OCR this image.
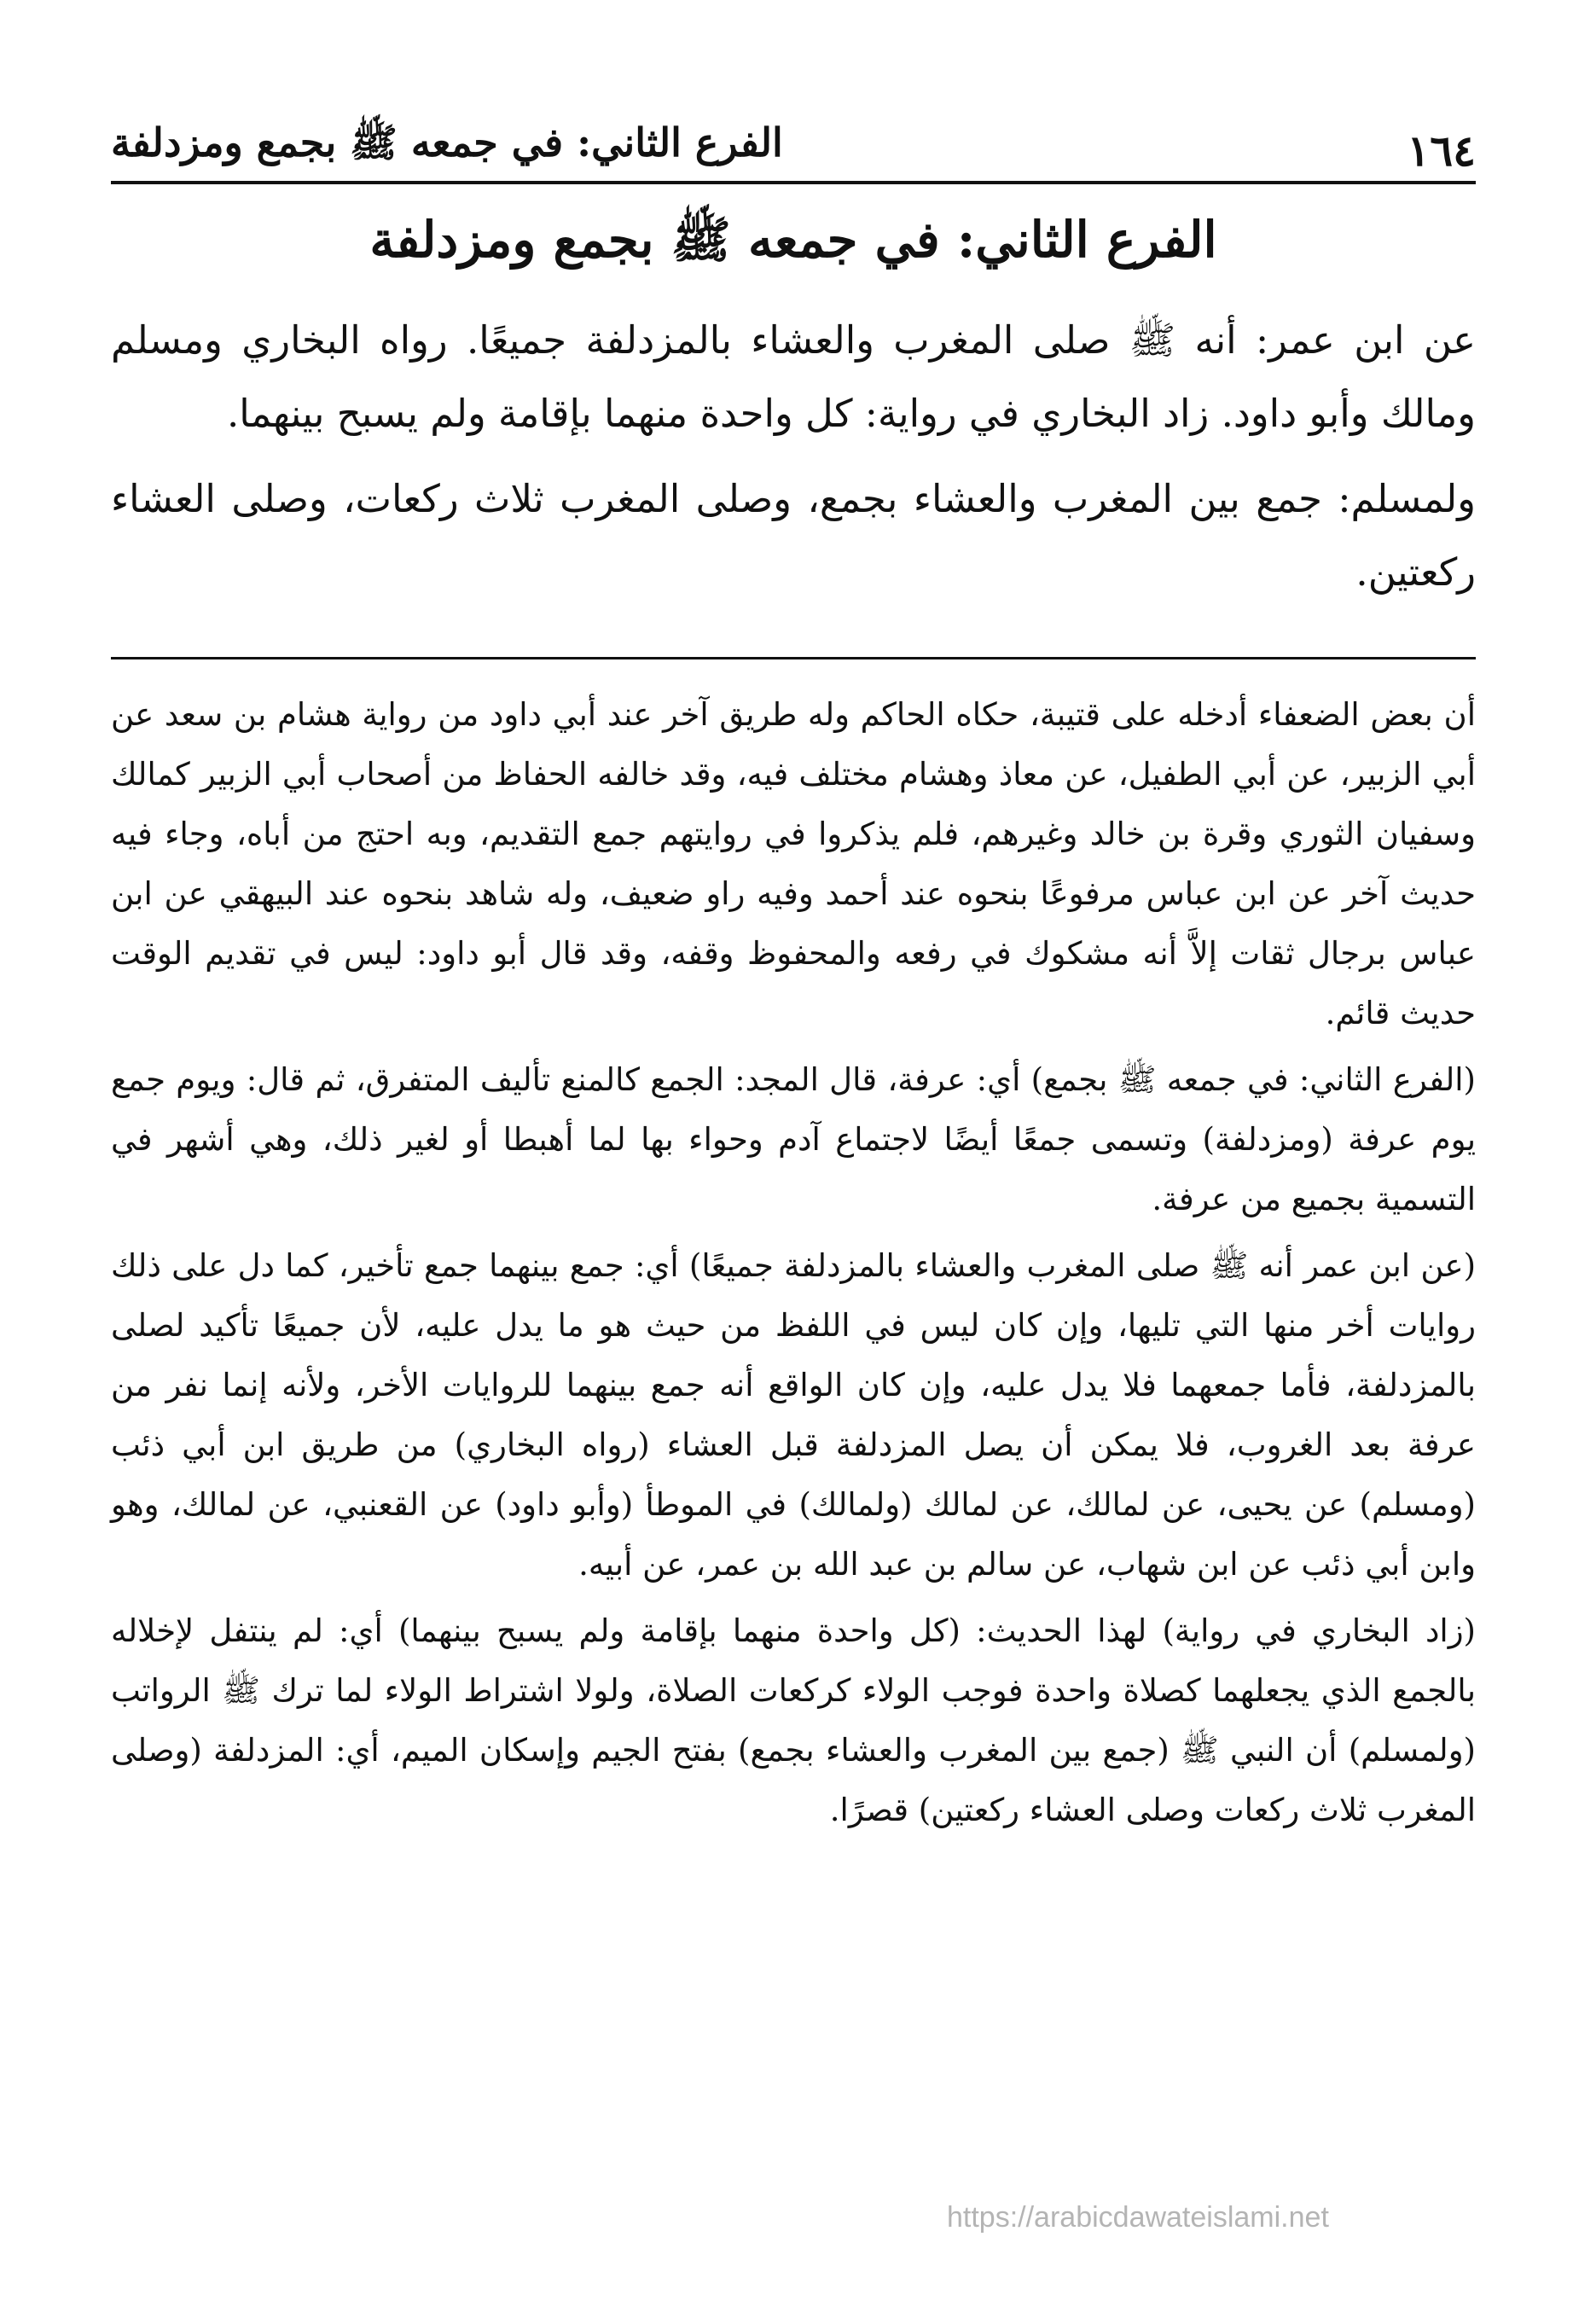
١٦٤
الفرع الثاني: في جمعه ﷺ بجمع ومزدلفة
الفرع الثاني: في جمعه ﷺ بجمع ومزدلفة

عن ابن عمر: أنه ﷺ صلى المغرب والعشاء بالمزدلفة جميعًا. رواه البخاري ومسلم ومالك وأبو داود. زاد البخاري في رواية: كل واحدة منهما بإقامة ولم يسبح بينهما.

ولمسلم: جمع بين المغرب والعشاء بجمع، وصلى المغرب ثلاث ركعات، وصلى العشاء ركعتين.

أن بعض الضعفاء أدخله على قتيبة، حكاه الحاكم وله طريق آخر عند أبي داود من رواية هشام بن سعد عن أبي الزبير، عن أبي الطفيل، عن معاذ وهشام مختلف فيه، وقد خالفه الحفاظ من أصحاب أبي الزبير كمالك وسفيان الثوري وقرة بن خالد وغيرهم، فلم يذكروا في روايتهم جمع التقديم، وبه احتج من أباه، وجاء فيه حديث آخر عن ابن عباس مرفوعًا بنحوه عند أحمد وفيه راو ضعيف، وله شاهد بنحوه عند البيهقي عن ابن عباس برجال ثقات إلاَّ أنه مشكوك في رفعه والمحفوظ وقفه، وقد قال أبو داود: ليس في تقديم الوقت حديث قائم.

(الفرع الثاني: في جمعه ﷺ بجمع) أي: عرفة، قال المجد: الجمع كالمنع تأليف المتفرق، ثم قال: ويوم جمع يوم عرفة (ومزدلفة) وتسمى جمعًا أيضًا لاجتماع آدم وحواء بها لما أهبطا أو لغير ذلك، وهي أشهر في التسمية بجميع من عرفة.

(عن ابن عمر أنه ﷺ صلى المغرب والعشاء بالمزدلفة جميعًا) أي: جمع بينهما جمع تأخير، كما دل على ذلك روايات أخر منها التي تليها، وإن كان ليس في اللفظ من حيث هو ما يدل عليه، لأن جميعًا تأكيد لصلى بالمزدلفة، فأما جمعهما فلا يدل عليه، وإن كان الواقع أنه جمع بينهما للروايات الأخر، ولأنه إنما نفر من عرفة بعد الغروب، فلا يمكن أن يصل المزدلفة قبل العشاء (رواه البخاري) من طريق ابن أبي ذئب (ومسلم) عن يحيى، عن لمالك، عن لمالك (ولمالك) في الموطأ (وأبو داود) عن القعنبي، عن لمالك، وهو وابن أبي ذئب عن ابن شهاب، عن سالم بن عبد الله بن عمر، عن أبيه.

(زاد البخاري في رواية) لهذا الحديث: (كل واحدة منهما بإقامة ولم يسبح بينهما) أي: لم ينتفل لإخلاله بالجمع الذي يجعلهما كصلاة واحدة فوجب الولاء كركعات الصلاة، ولولا اشتراط الولاء لما ترك ﷺ الرواتب (ولمسلم) أن النبي ﷺ (جمع بين المغرب والعشاء بجمع) بفتح الجيم وإسكان الميم، أي: المزدلفة (وصلى المغرب ثلاث ركعات وصلى العشاء ركعتين) قصرًا.

https://arabicdawateislami.net
